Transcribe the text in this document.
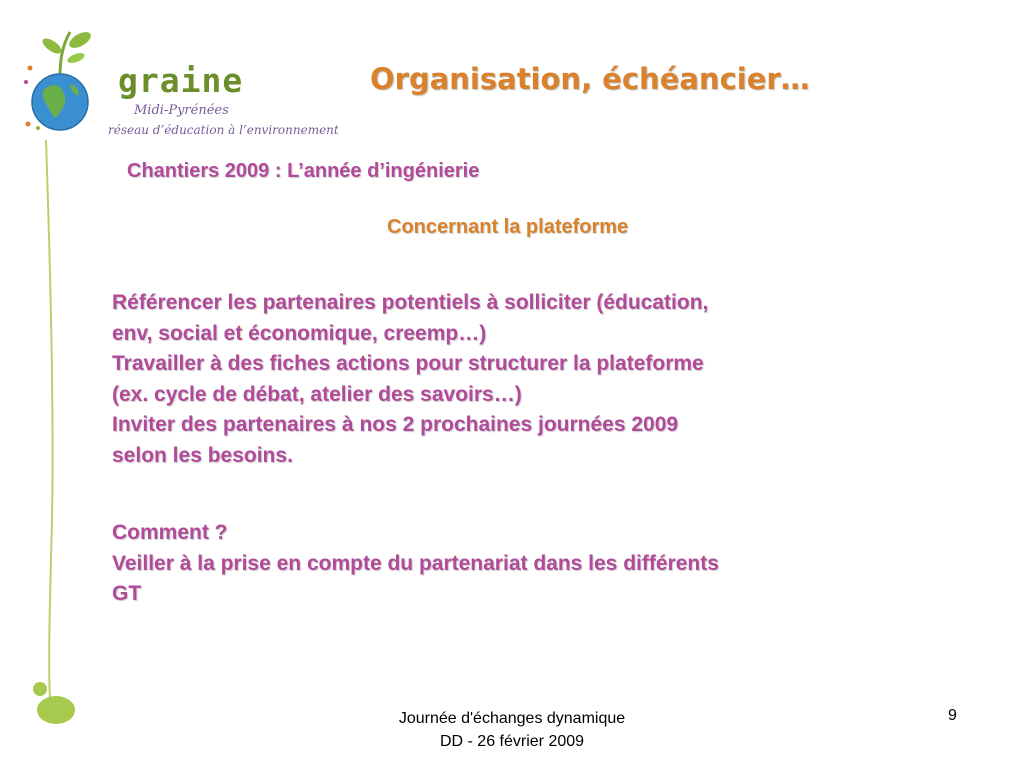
graine
Midi-Pyrénées
réseau d’éducation à l’environnement
Organisation, échéancier…
Chantiers 2009 : L’année d’ingénierie
Concernant la plateforme
Référencer les partenaires potentiels à solliciter (éducation,
env, social et économique, creemp…)
Travailler à des fiches actions pour structurer la plateforme
(ex. cycle de débat, atelier des savoirs…)
Inviter des partenaires à nos 2 prochaines journées 2009
selon les besoins.
Comment ?
Veiller à la prise en compte du partenariat dans les différents
GT
Journée d'échanges dynamique
DD - 26 février 2009
9
